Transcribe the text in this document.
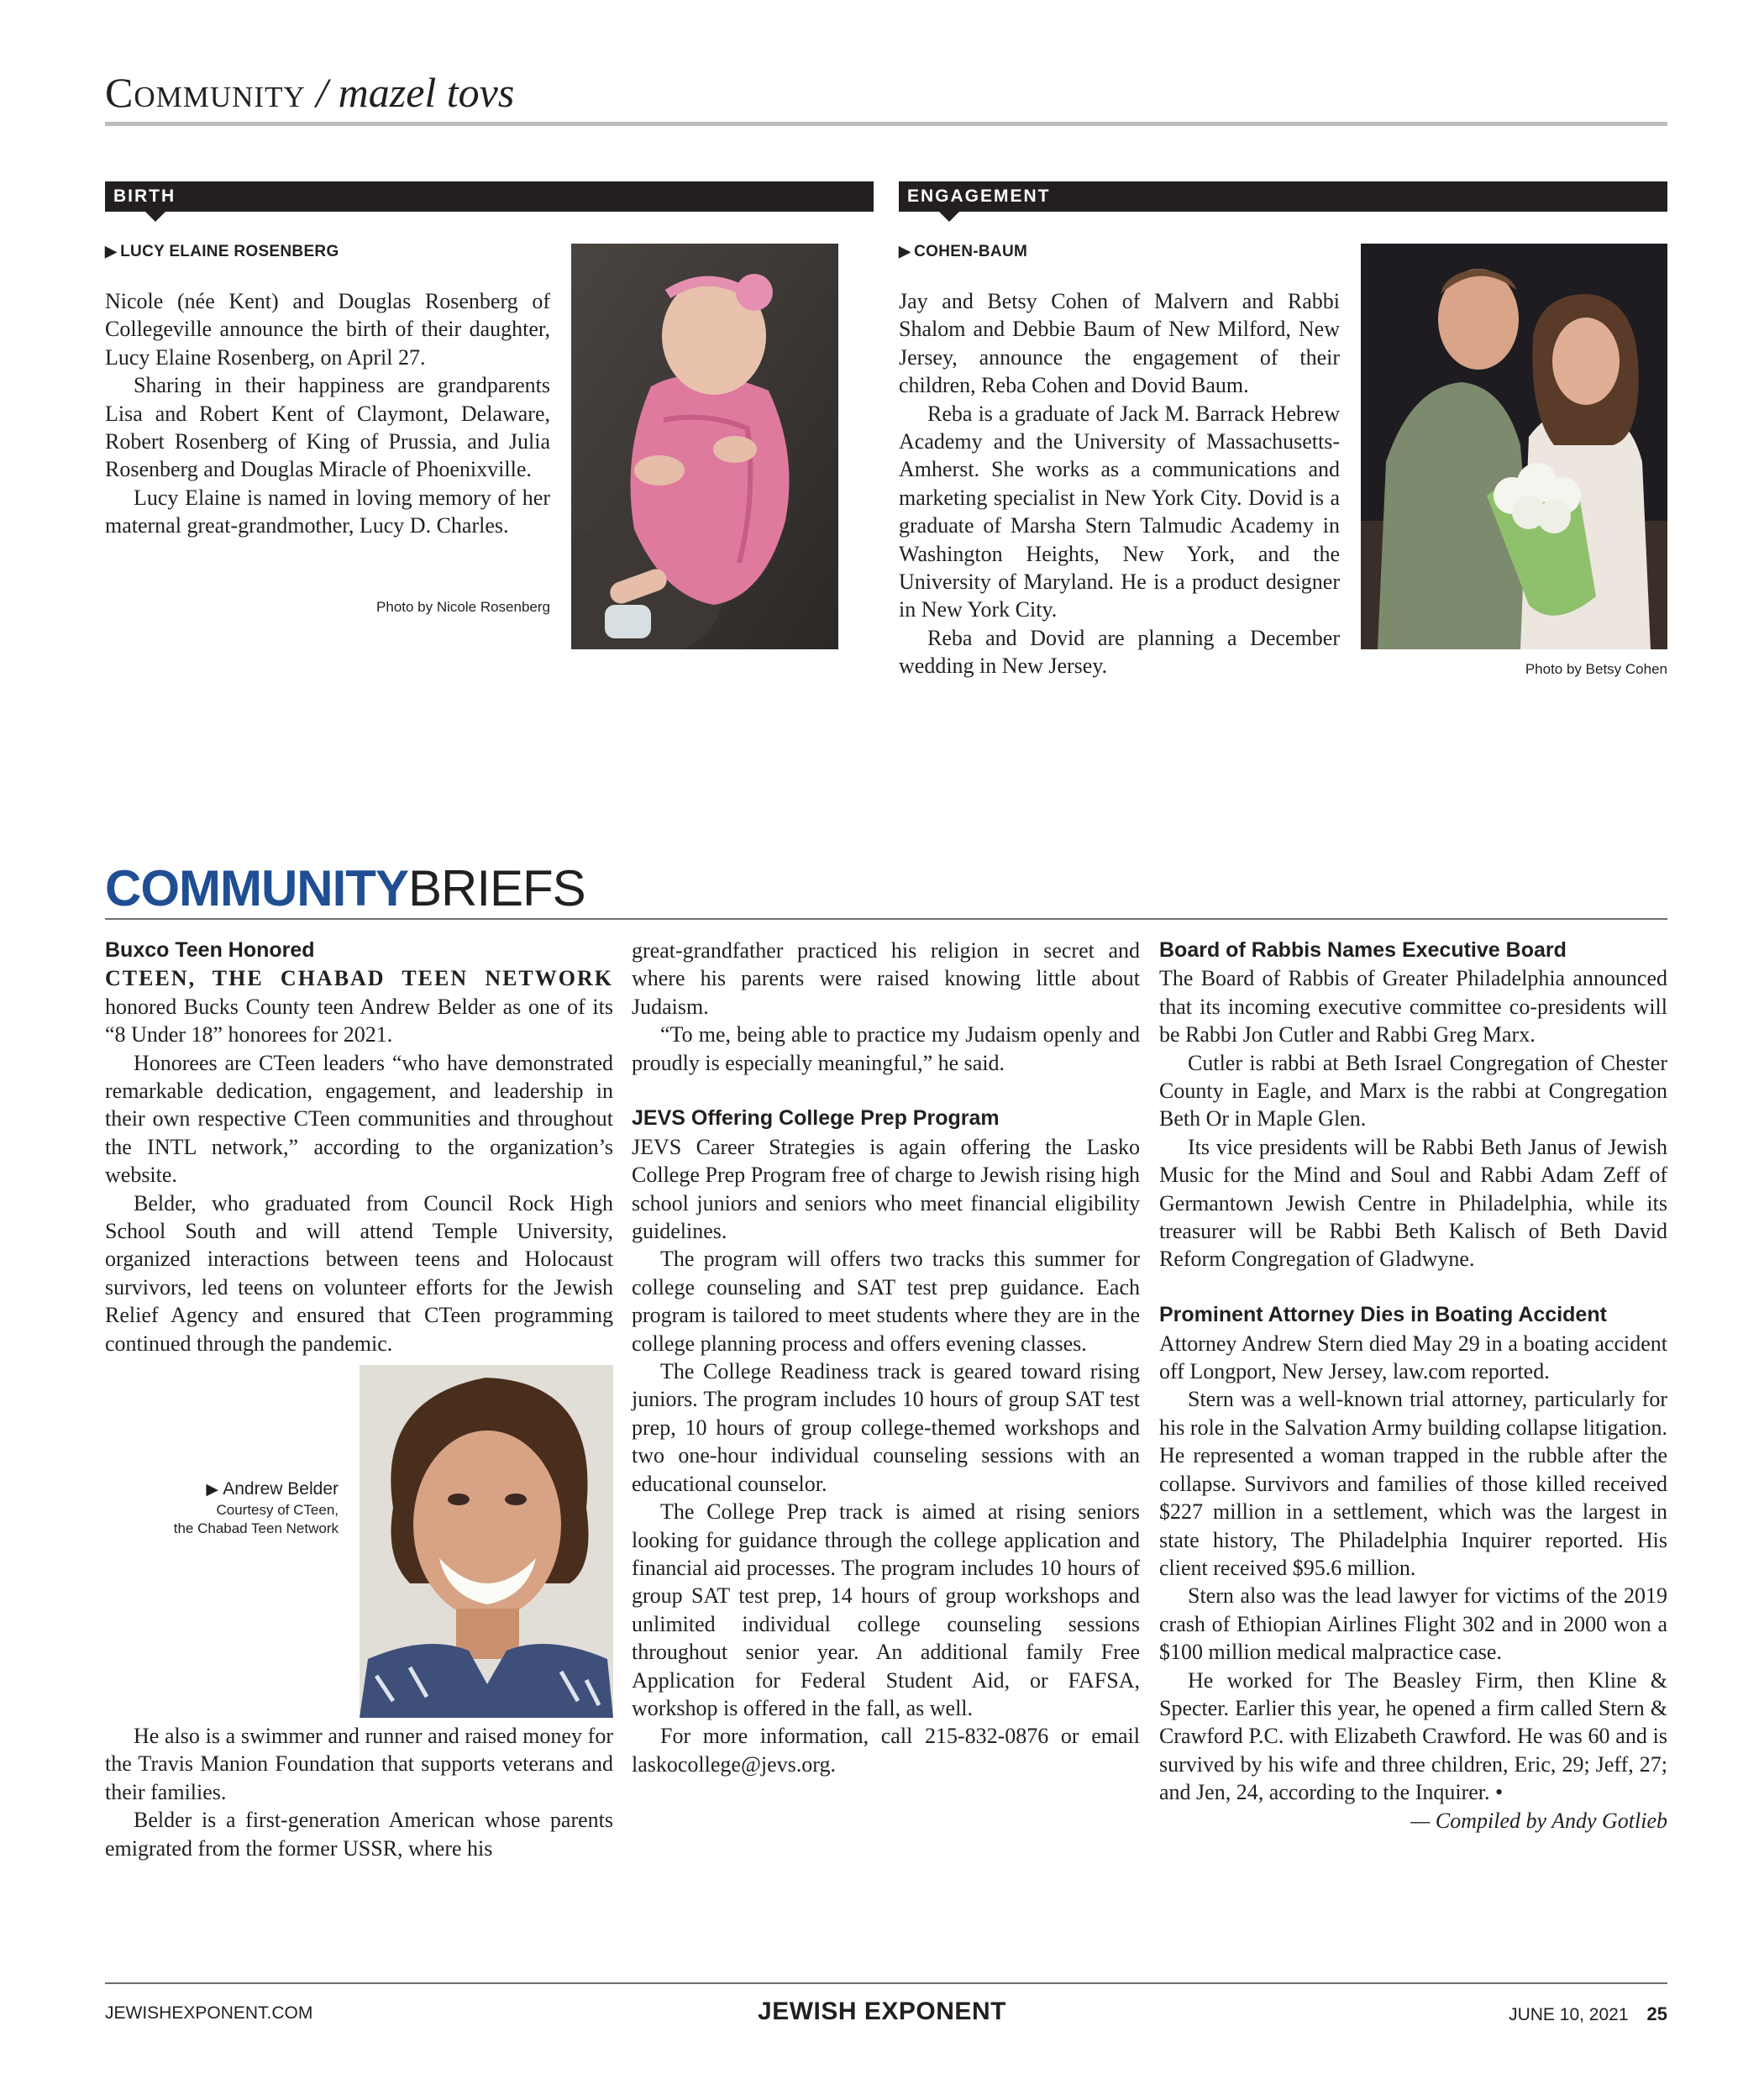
Community / mazel tovs
BIRTH
▶ LUCY ELAINE ROSENBERG

Nicole (née Kent) and Douglas Rosenberg of Collegeville announce the birth of their daughter, Lucy Elaine Rosenberg, on April 27.

Sharing in their happiness are grandparents Lisa and Robert Kent of Claymont, Delaware, Robert Rosenberg of King of Prussia, and Julia Rosenberg and Douglas Miracle of Phoenixville.

Lucy Elaine is named in loving memory of her maternal great-grandmother, Lucy D. Charles.

Photo by Nicole Rosenberg
ENGAGEMENT
▶ COHEN-BAUM

Jay and Betsy Cohen of Malvern and Rabbi Shalom and Debbie Baum of New Milford, New Jersey, announce the engagement of their children, Reba Cohen and Dovid Baum.

Reba is a graduate of Jack M. Barrack Hebrew Academy and the University of Massachusetts-Amherst. She works as a communications and marketing specialist in New York City. Dovid is a graduate of Marsha Stern Talmudic Academy in Washington Heights, New York, and the University of Maryland. He is a product designer in New York City.

Reba and Dovid are planning a December wedding in New Jersey.	Photo by Betsy Cohen
COMMUNITYBRIEFS
Buxco Teen Honored

CTEEN, THE CHABAD TEEN NETWORK honored Bucks County teen Andrew Belder as one of its “8 Under 18” honorees for 2021.

Honorees are CTeen leaders “who have demonstrated remarkable dedication, engagement, and leadership in their own respective CTeen communities and throughout the INTL network,” according to the organization’s website.

Belder, who graduated from Council Rock High School South and will attend Temple University, organized interactions between teens and Holocaust survivors, led teens on volunteer efforts for the Jewish Relief Agency and ensured that CTeen programming continued through the pandemic.

▶ Andrew Belder
Courtesy of CTeen,
the Chabad Teen Network

He also is a swimmer and runner and raised money for the Travis Manion Foundation that supports veterans and their families.

Belder is a first-generation American whose parents emigrated from the former USSR, where his

great-grandfather practiced his religion in secret and where his parents were raised knowing little about Judaism.

“To me, being able to practice my Judaism openly and proudly is especially meaningful,” he said.

JEVS Offering College Prep Program

JEVS Career Strategies is again offering the Lasko College Prep Program free of charge to Jewish rising high school juniors and seniors who meet financial eligibility guidelines.

The program will offers two tracks this summer for college counseling and SAT test prep guidance. Each program is tailored to meet students where they are in the college planning process and offers evening classes.

The College Readiness track is geared toward rising juniors. The program includes 10 hours of group SAT test prep, 10 hours of group college-themed workshops and two one-hour individual counseling sessions with an educational counselor.

The College Prep track is aimed at rising seniors looking for guidance through the college application and financial aid processes. The program includes 10 hours of group SAT test prep, 14 hours of group workshops and unlimited individual college counseling sessions throughout senior year. An additional family Free Application for Federal Student Aid, or FAFSA, workshop is offered in the fall, as well.

For more information, call 215-832-0876 or email laskocollege@jevs.org.

Board of Rabbis Names Executive Board

The Board of Rabbis of Greater Philadelphia announced that its incoming executive committee co-presidents will be Rabbi Jon Cutler and Rabbi Greg Marx.

Cutler is rabbi at Beth Israel Congregation of Chester County in Eagle, and Marx is the rabbi at Congregation Beth Or in Maple Glen.

Its vice presidents will be Rabbi Beth Janus of Jewish Music for the Mind and Soul and Rabbi Adam Zeff of Germantown Jewish Centre in Philadelphia, while its treasurer will be Rabbi Beth Kalisch of Beth David Reform Congregation of Gladwyne.

Prominent Attorney Dies in Boating Accident

Attorney Andrew Stern died May 29 in a boating accident off Longport, New Jersey, law.com reported.

Stern was a well-known trial attorney, particularly for his role in the Salvation Army building collapse litigation. He represented a woman trapped in the rubble after the collapse. Survivors and families of those killed received $227 million in a settlement, which was the largest in state history, The Philadelphia Inquirer reported. His client received $95.6 million.

Stern also was the lead lawyer for victims of the 2019 crash of Ethiopian Airlines Flight 302 and in 2000 won a $100 million medical malpractice case.

He worked for The Beasley Firm, then Kline & Specter. Earlier this year, he opened a firm called Stern & Crawford P.C. with Elizabeth Crawford. He was 60 and is survived by his wife and three children, Eric, 29; Jeff, 27; and Jen, 24, according to the Inquirer. •

— Compiled by Andy Gotlieb
JEWISHEXPONENT.COM	JEWISH EXPONENT	JUNE 10, 2021 25
